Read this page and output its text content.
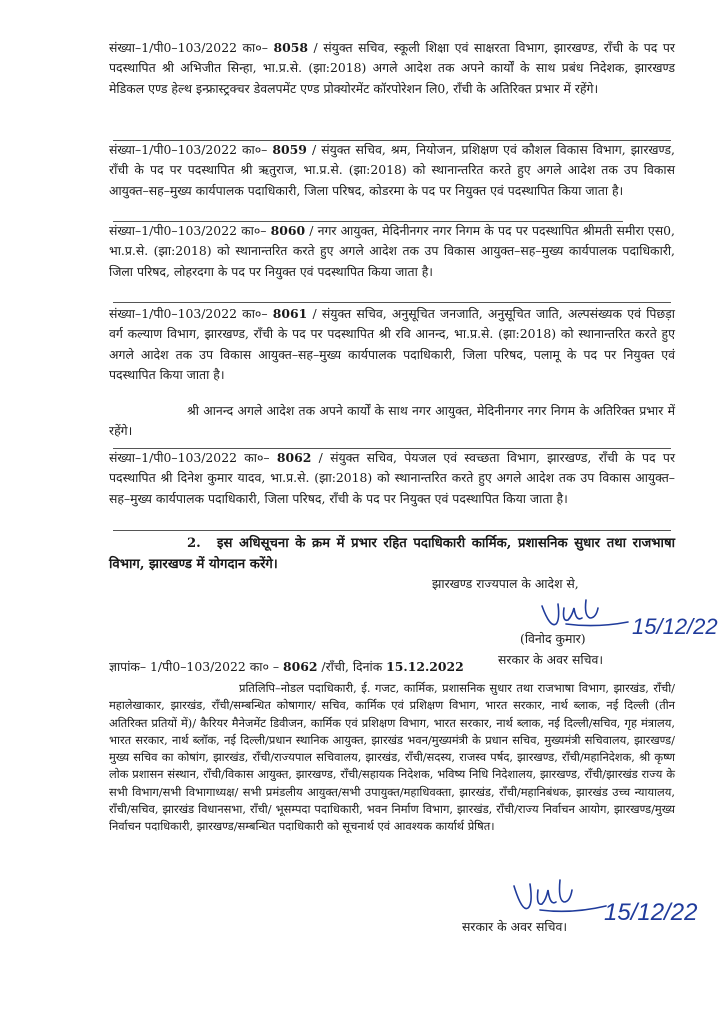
संख्या–1/पी0–103/2022 का०– 8058 / संयुक्त सचिव, स्कूली शिक्षा एवं साक्षरता विभाग, झारखण्ड, राँची के पद पर पदस्थापित श्री अभिजीत सिन्हा, भा.प्र.से. (झा:2018) अगले आदेश तक अपने कार्यों के साथ प्रबंध निदेशक, झारखण्ड मेडिकल एण्ड हेल्थ इन्फ्रास्ट्रक्चर डेवलपमेंट एण्ड प्रोक्योरमेंट कॉरपोरेशन लि0, राँची के अतिरिक्त प्रभार में रहेंगे।

संख्या–1/पी0–103/2022 का०– 8059 / संयुक्त सचिव, श्रम, नियोजन, प्रशिक्षण एवं कौशल विकास विभाग, झारखण्ड, राँची के पद पर पदस्थापित श्री ऋतुराज, भा.प्र.से. (झा:2018) को स्थानान्तरित करते हुए अगले आदेश तक उप विकास आयुक्त–सह–मुख्य कार्यपालक पदाधिकारी, जिला परिषद, कोडरमा के पद पर नियुक्त एवं पदस्थापित किया जाता है।

संख्या–1/पी0–103/2022 का०– 8060 / नगर आयुक्त, मेदिनीनगर नगर निगम के पद पर पदस्थापित श्रीमती समीरा एस0, भा.प्र.से. (झा:2018) को स्थानान्तरित करते हुए अगले आदेश तक उप विकास आयुक्त–सह–मुख्य कार्यपालक पदाधिकारी, जिला परिषद, लोहरदगा के पद पर नियुक्त एवं पदस्थापित किया जाता है।

संख्या–1/पी0–103/2022 का०– 8061 / संयुक्त सचिव, अनुसूचित जनजाति, अनुसूचित जाति, अल्पसंख्यक एवं पिछड़ा वर्ग कल्याण विभाग, झारखण्ड, राँची के पद पर पदस्थापित श्री रवि आनन्द, भा.प्र.से. (झा:2018) को स्थानान्तरित करते हुए अगले आदेश तक उप विकास आयुक्त–सह–मुख्य कार्यपालक पदाधिकारी, जिला परिषद, पलामू के पद पर नियुक्त एवं पदस्थापित किया जाता है।

श्री आनन्द अगले आदेश तक अपने कार्यों के साथ नगर आयुक्त, मेदिनीनगर नगर निगम के अतिरिक्त प्रभार में रहेंगे।

संख्या–1/पी0–103/2022 का०– 8062 / संयुक्त सचिव, पेयजल एवं स्वच्छता विभाग, झारखण्ड, राँची के पद पर पदस्थापित श्री दिनेश कुमार यादव, भा.प्र.से. (झा:2018) को स्थानान्तरित करते हुए अगले आदेश तक उप विकास आयुक्त–सह–मुख्य कार्यपालक पदाधिकारी, जिला परिषद, राँची के पद पर नियुक्त एवं पदस्थापित किया जाता है।

2. इस अधिसूचना के क्रम में प्रभार रहित पदाधिकारी कार्मिक, प्रशासनिक सुधार तथा राजभाषा विभाग, झारखण्ड में योगदान करेंगे।

झारखण्ड राज्यपाल के आदेश से,
15/12/22
(विनोद कुमार)
सरकार के अवर सचिव।
ज्ञापांक– 1/पी0–103/2022 का० – 8062 /राँची, दिनांक 15.12.2022

प्रतिलिपि–नोडल पदाधिकारी, ई. गजट, कार्मिक, प्रशासनिक सुधार तथा राजभाषा विभाग, झारखंड, राँची/महालेखाकार, झारखंड, राँची/सम्बन्धित कोषागार/ सचिव, कार्मिक एवं प्रशिक्षण विभाग, भारत सरकार, नार्थ ब्लाक, नई दिल्ली (तीन अतिरिक्त प्रतियों में)/ कैरियर मैनेजमेंट डिवीजन, कार्मिक एवं प्रशिक्षण विभाग, भारत सरकार, नार्थ ब्लाक, नई दिल्ली/सचिव, गृह मंत्रालय, भारत सरकार, नार्थ ब्लॉक, नई दिल्ली/प्रधान स्थानिक आयुक्त, झारखंड भवन/मुख्यमंत्री के प्रधान सचिव, मुख्यमंत्री सचिवालय, झारखण्ड/मुख्य सचिव का कोषांग, झारखंड, राँची/राज्यपाल सचिवालय, झारखंड, राँची/सदस्य, राजस्व पर्षद, झारखण्ड, राँची/महानिदेशक, श्री कृष्ण लोक प्रशासन संस्थान, राँची/विकास आयुक्त, झारखण्ड, राँची/सहायक निदेशक, भविष्य निधि निदेशालय, झारखण्ड, राँची/झारखंड राज्य के सभी विभाग/सभी विभागाध्यक्ष/ सभी प्रमंडलीय आयुक्त/सभी उपायुक्त/महाधिवक्ता, झारखंड, राँची/महानिबंधक, झारखंड उच्च न्यायालय, राँची/सचिव, झारखंड विधानसभा, राँची/ भूसम्पदा पदाधिकारी, भवन निर्माण विभाग, झारखंड, राँची/राज्य निर्वाचन आयोग, झारखण्ड/मुख्य निर्वाचन पदाधिकारी, झारखण्ड/सम्बन्धित पदाधिकारी को सूचनार्थ एवं आवश्यक कार्यार्थ प्रेषित।

15/12/22
सरकार के अवर सचिव।
